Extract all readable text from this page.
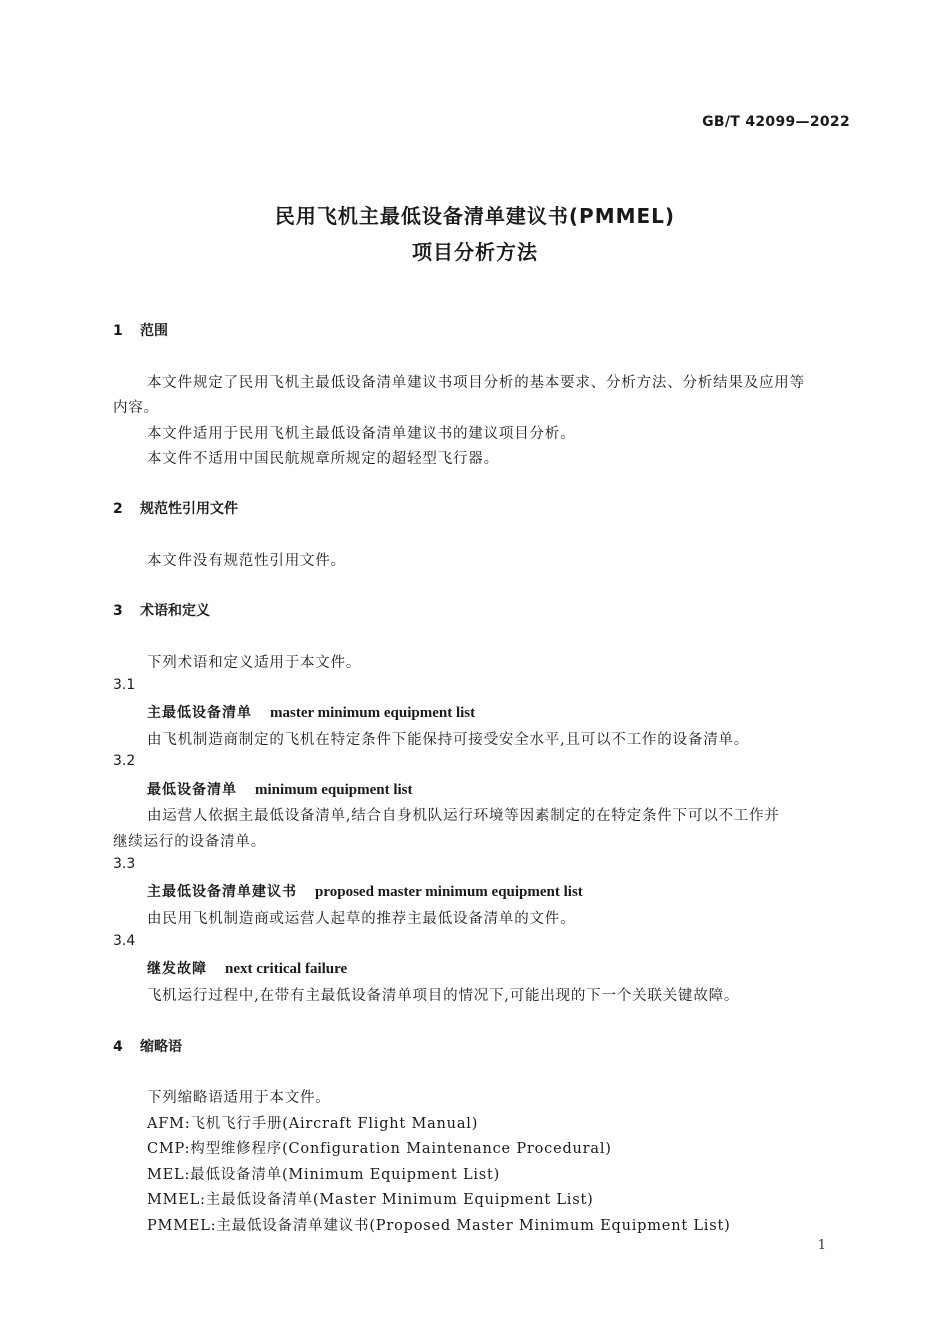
GB/T 42099—2022
民用飞机主最低设备清单建议书(PMMEL)
项目分析方法
1 范围
本文件规定了民用飞机主最低设备清单建议书项目分析的基本要求、分析方法、分析结果及应用等
内容。
本文件适用于民用飞机主最低设备清单建议书的建议项目分析。
本文件不适用中国民航规章所规定的超轻型飞行器。
2 规范性引用文件
本文件没有规范性引用文件。
3 术语和定义
下列术语和定义适用于本文件。
3.1
主最低设备清单 master minimum equipment list
由飞机制造商制定的飞机在特定条件下能保持可接受安全水平,且可以不工作的设备清单。
3.2
最低设备清单 minimum equipment list
由运营人依据主最低设备清单,结合自身机队运行环境等因素制定的在特定条件下可以不工作并
继续运行的设备清单。
3.3
主最低设备清单建议书 proposed master minimum equipment list
由民用飞机制造商或运营人起草的推荐主最低设备清单的文件。
3.4
继发故障 next critical failure
飞机运行过程中,在带有主最低设备清单项目的情况下,可能出现的下一个关联关键故障。
4 缩略语
下列缩略语适用于本文件。
AFM:飞机飞行手册(Aircraft Flight Manual)
CMP:构型维修程序(Configuration Maintenance Procedural)
MEL:最低设备清单(Minimum Equipment List)
MMEL:主最低设备清单(Master Minimum Equipment List)
PMMEL:主最低设备清单建议书(Proposed Master Minimum Equipment List)
1
